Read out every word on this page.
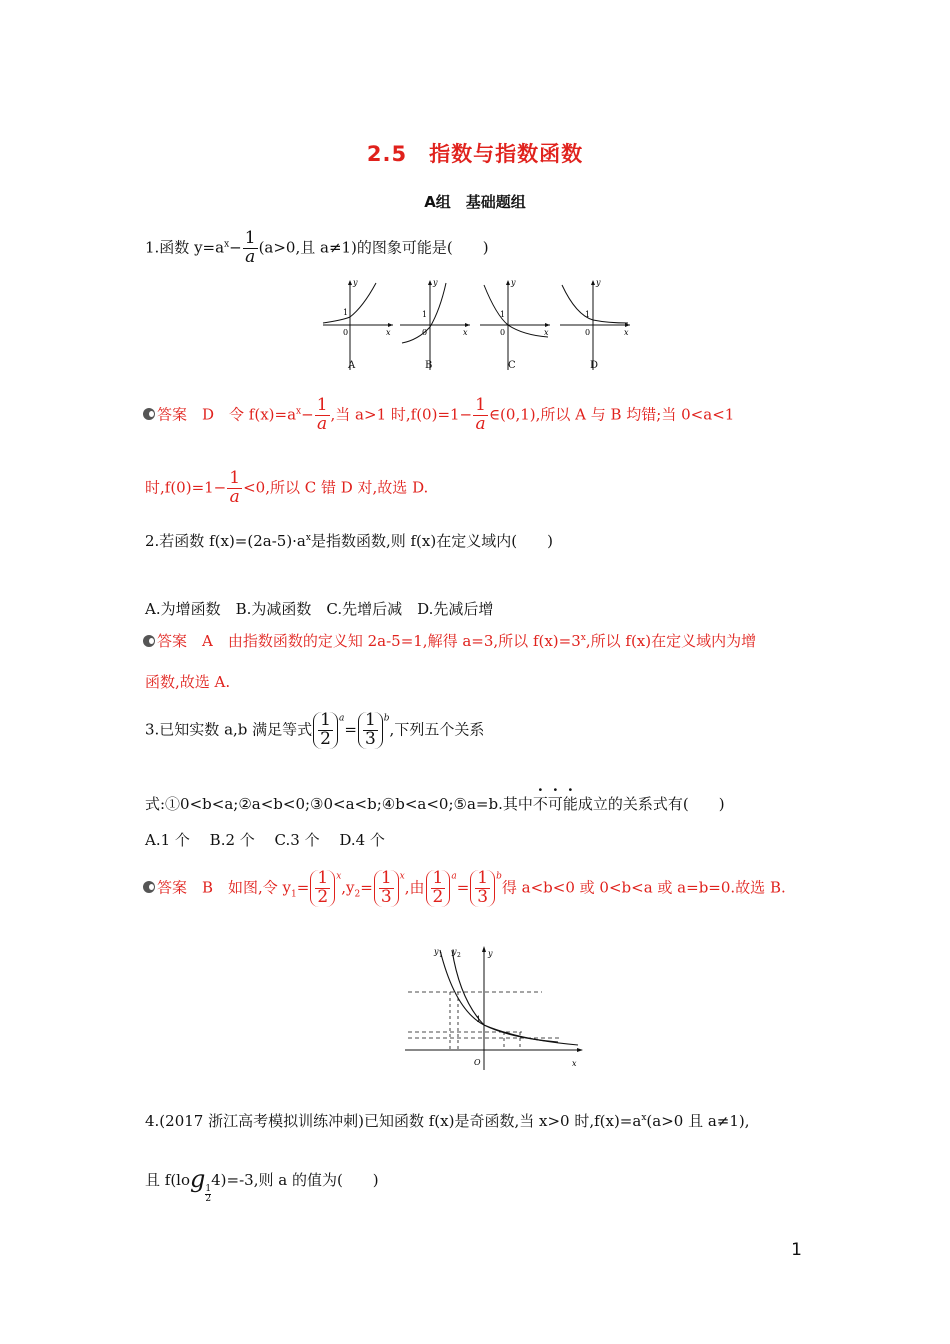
2.5　指数与指数函数
A组　基础题组
1.函数 $y=a^x- \frac{1}{a} (a>0$,且 a≠1)的图象可能是(　　)
y
x
0
1
y
x
0
1
y
x
0
1
y
x
0
1
A	B	C	D
答案　D　令 $f(x)=a^x- \frac{1}{a}$ ,当 a>1 时$,f(0)=1- \frac{1}{a}$ ∈(0,1),所以 A 与 B 均错;当 0<a<1
时$,f(0)=1- \frac{1}{a} <0$,所以 C 错 D 对,故选 D.
2.若函数 $f(x)=(2a-5)\cdot a^x$是指数函数,则 f(x)在定义域内(　　)
A.为增函数　B.为减函数　C.先增后减　D.先减后增
答案　A　由指数函数的定义知 2a-5=1,解得 a=3,所以 $f(x)=3^x$,所以 f(x)在定义域内为增
函数,故选 A.
3.已知实数 a,b 满足等式 $\frac{1}{2} ^a= \frac{1}{3} ^b$,下列五个关系
式:①0<b<a;②a<b<0;③0<a<b;④b<a<0;⑤a=b.其中不可能成立的关系式有(　　)
A.1 个　 B.2 个　 C.3 个　 D.4 个
答案　B　如图,令 $y_1= \frac{1}{2} ^x,y_2= \frac{1}{3} ^x$,由 $\frac{1}{2} ^a= \frac{1}{3} ^b$得 a<b<0 或 0<b<a 或 a=b=0.故选 B.
y 1 y 2	y
x
O
1
4.(2017 浙江高考模拟训练冲刺)已知函数 f(x)是奇函数,当 x>0 时$,f(x)=a^x(a>0$ 且 a≠1),
且 f(log
$\frac{1}{2}$
4)=-3,则 a 的值为(　　)
1
